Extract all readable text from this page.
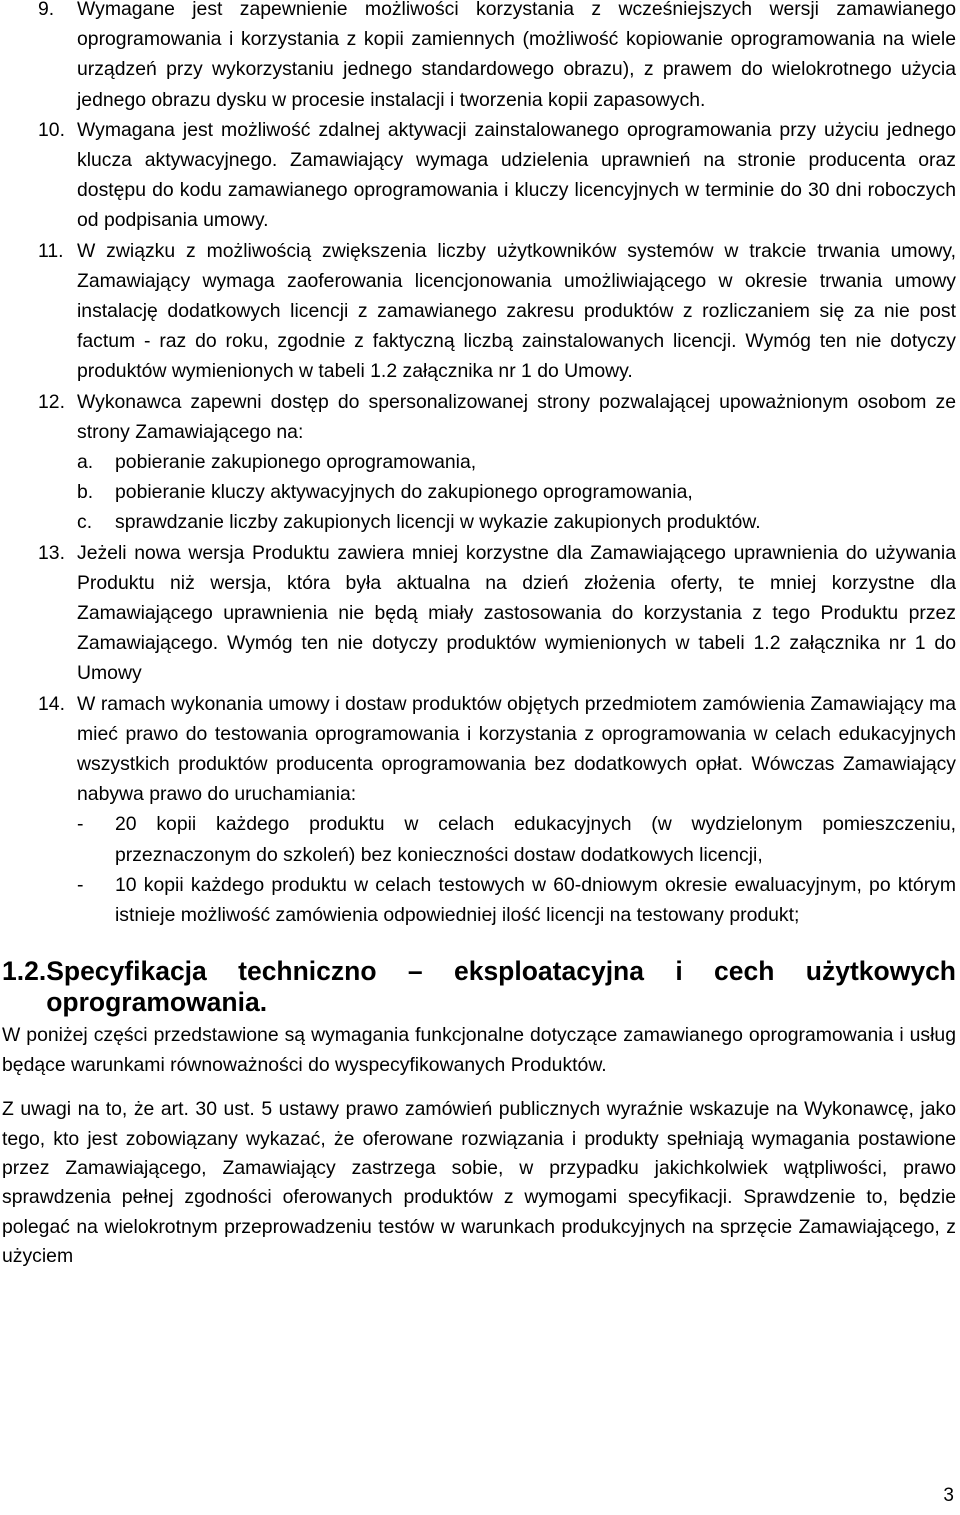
9.	Wymagane jest zapewnienie możliwości korzystania z wcześniejszych wersji zamawianego oprogramowania i korzystania z kopii zamiennych (możliwość kopiowanie oprogramowania na wiele urządzeń przy wykorzystaniu jednego standardowego obrazu), z prawem do wielokrotnego użycia jednego obrazu dysku w procesie instalacji i tworzenia kopii zapasowych.
10. Wymagana jest możliwość zdalnej aktywacji zainstalowanego oprogramowania przy użyciu jednego klucza aktywacyjnego. Zamawiający wymaga udzielenia uprawnień na stronie producenta oraz dostępu do kodu zamawianego oprogramowania i kluczy licencyjnych w terminie do 30 dni roboczych od podpisania umowy.
11. W związku z możliwością zwiększenia liczby użytkowników systemów w trakcie trwania umowy, Zamawiający wymaga zaoferowania licencjonowania umożliwiającego w okresie trwania umowy instalację dodatkowych licencji z zamawianego zakresu produktów z rozliczaniem się za nie post factum - raz do roku, zgodnie z faktyczną liczbą zainstalowanych licencji. Wymóg ten nie dotyczy produktów wymienionych w tabeli 1.2 załącznika nr 1 do Umowy.
12. Wykonawca zapewni dostęp do spersonalizowanej strony pozwalającej upoważnionym osobom ze strony Zamawiającego na:
a.	pobieranie zakupionego oprogramowania,
b.	pobieranie kluczy aktywacyjnych do zakupionego oprogramowania,
c.	sprawdzanie liczby zakupionych licencji w wykazie zakupionych produktów.
13. Jeżeli nowa wersja Produktu zawiera mniej korzystne dla Zamawiającego uprawnienia do używania Produktu niż wersja, która była aktualna na dzień złożenia oferty, te mniej korzystne dla Zamawiającego uprawnienia nie będą miały zastosowania do korzystania z tego Produktu przez Zamawiającego. Wymóg ten nie dotyczy produktów wymienionych w tabeli 1.2 załącznika nr 1 do Umowy
14. W ramach wykonania umowy i dostaw produktów objętych przedmiotem zamówienia Zamawiający ma mieć prawo do testowania oprogramowania i korzystania z oprogramowania w celach edukacyjnych wszystkich produktów producenta oprogramowania bez dodatkowych opłat. Wówczas Zamawiający nabywa prawo do uruchamiania:
-	20 kopii każdego produktu w celach edukacyjnych (w wydzielonym pomieszczeniu, przeznaczonym do szkoleń) bez konieczności dostaw dodatkowych licencji,
-	10 kopii każdego produktu w celach testowych w 60-dniowym okresie ewaluacyjnym, po którym istnieje możliwość zamówienia odpowiedniej ilość licencji na testowany produkt;
1.2. Specyfikacja techniczno – eksploatacyjna i cech użytkowych oprogramowania.

W poniżej części przedstawione są wymagania funkcjonalne dotyczące zamawianego oprogramowania i usług będące warunkami równoważności do wyspecyfikowanych Produktów.

Z uwagi na to, że art. 30 ust. 5 ustawy prawo zamówień publicznych wyraźnie wskazuje na Wykonawcę, jako tego, kto jest zobowiązany wykazać, że oferowane rozwiązania i produkty spełniają wymagania postawione przez Zamawiającego, Zamawiający zastrzega sobie, w przypadku jakichkolwiek wątpliwości, prawo sprawdzenia pełnej zgodności oferowanych produktów z wymogami specyfikacji. Sprawdzenie to, będzie polegać na wielokrotnym przeprowadzeniu testów w warunkach produkcyjnych na sprzęcie Zamawiającego, z użyciem

3
